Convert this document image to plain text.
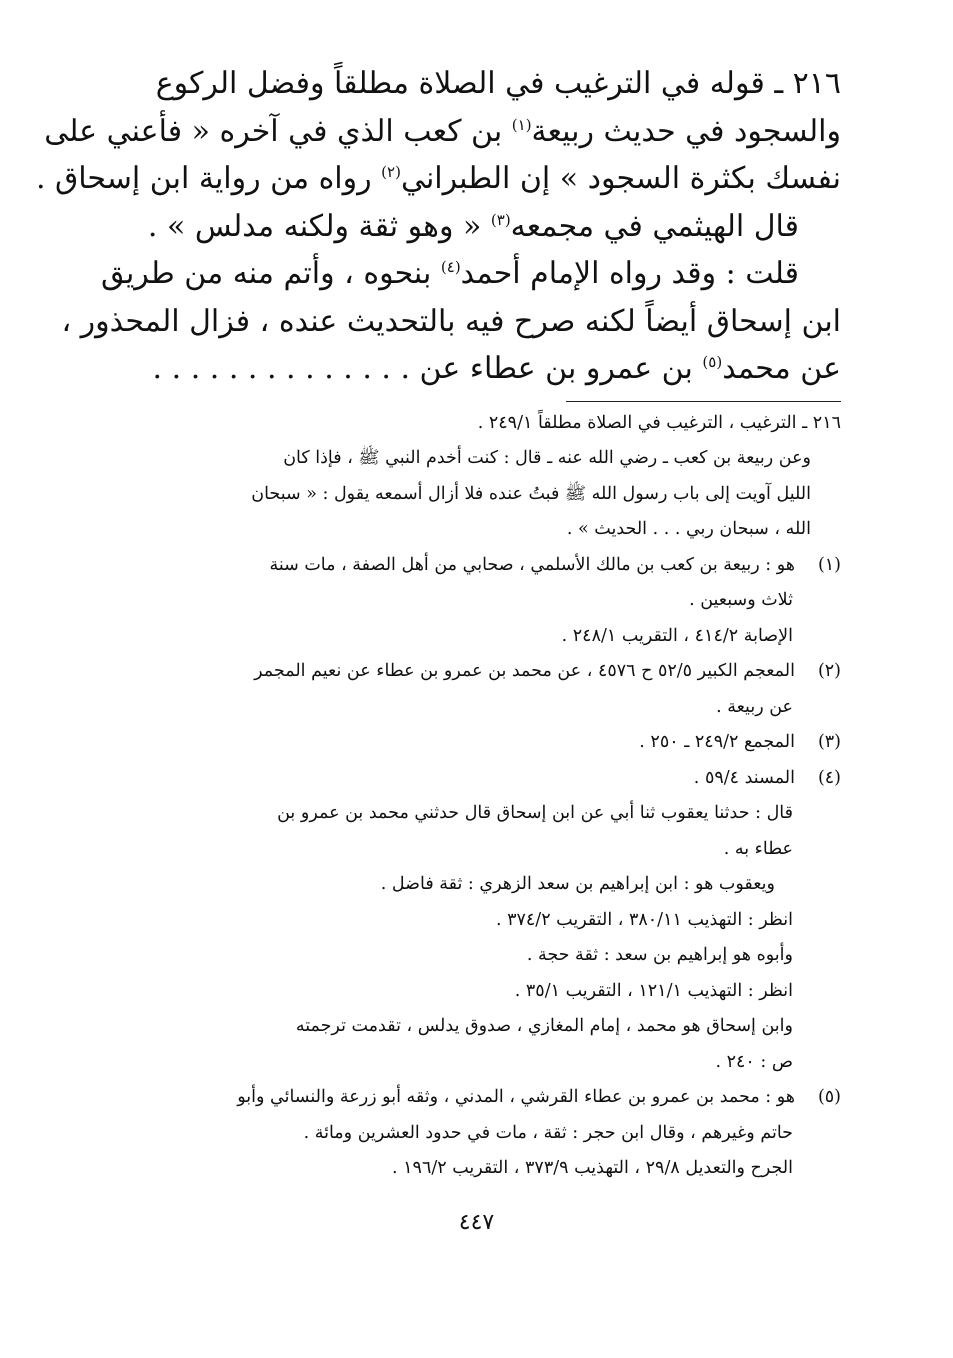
٢١٦ ـ قوله في الترغيب في الصلاة مطلقاً وفضل الركوع

والسجود في حديث ربيعة$^{(١)}$ بن كعب الذي في آخره « فأعني على

نفسك بكثرة السجود » إن الطبراني$^{(٢)}$ رواه من رواية ابن إسحاق .

قال الهيثمي في مجمعه$^{(٣)}$ « وهو ثقة ولكنه مدلس » .

قلت : وقد رواه الإمام أحمد$^{(٤)}$ بنحوه ، وأتم منه من طريق

ابن إسحاق أيضاً لكنه صرح فيه بالتحديث عنده ، فزال المحذور ،

عن محمد$^{(٥)}$ بن عمرو بن عطاء عن . . . . . . . . . . . . . .

٢١٦ ـ الترغيب ، الترغيب في الصلاة مطلقاً ٢٤٩/١ .
وعن ربيعة بن كعب ـ رضي الله عنه ـ قال : كنت أخدم النبي ﷺ ، فإذا كان
الليل آويت إلى باب رسول الله ﷺ فبتُ عنده فلا أزال أسمعه يقول : « سبحان
الله ، سبحان ربي . . . الحديث » .
(١)هو : ربيعة بن كعب بن مالك الأسلمي ، صحابي من أهل الصفة ، مات سنة
ثلاث وسبعين .
الإصابة ٤١٤/٢ ، التقريب ٢٤٨/١ .
(٢)المعجم الكبير ٥٢/٥ ح ٤٥٧٦ ، عن محمد بن عمرو بن عطاء عن نعيم المجمر
عن ربيعة .
(٣)المجمع ٢٤٩/٢ ـ ٢٥٠ .
(٤)المسند ٥٩/٤ .
قال : حدثنا يعقوب ثنا أبي عن ابن إسحاق قال حدثني محمد بن عمرو بن
عطاء به .
ويعقوب هو : ابن إبراهيم بن سعد الزهري : ثقة فاضل .
انظر : التهذيب ٣٨٠/١١ ، التقريب ٣٧٤/٢ .
وأبوه هو إبراهيم بن سعد : ثقة حجة .
انظر : التهذيب ١٢١/١ ، التقريب ٣٥/١ .
وابن إسحاق هو محمد ، إمام المغازي ، صدوق يدلس ، تقدمت ترجمته
ص : ٢٤٠ .
(٥)هو : محمد بن عمرو بن عطاء القرشي ، المدني ، وثقه أبو زرعة والنسائي وأبو
حاتم وغيرهم ، وقال ابن حجر : ثقة ، مات في حدود العشرين ومائة .
الجرح والتعديل ٢٩/٨ ، التهذيب ٣٧٣/٩ ، التقريب ١٩٦/٢ .
٤٤٧
